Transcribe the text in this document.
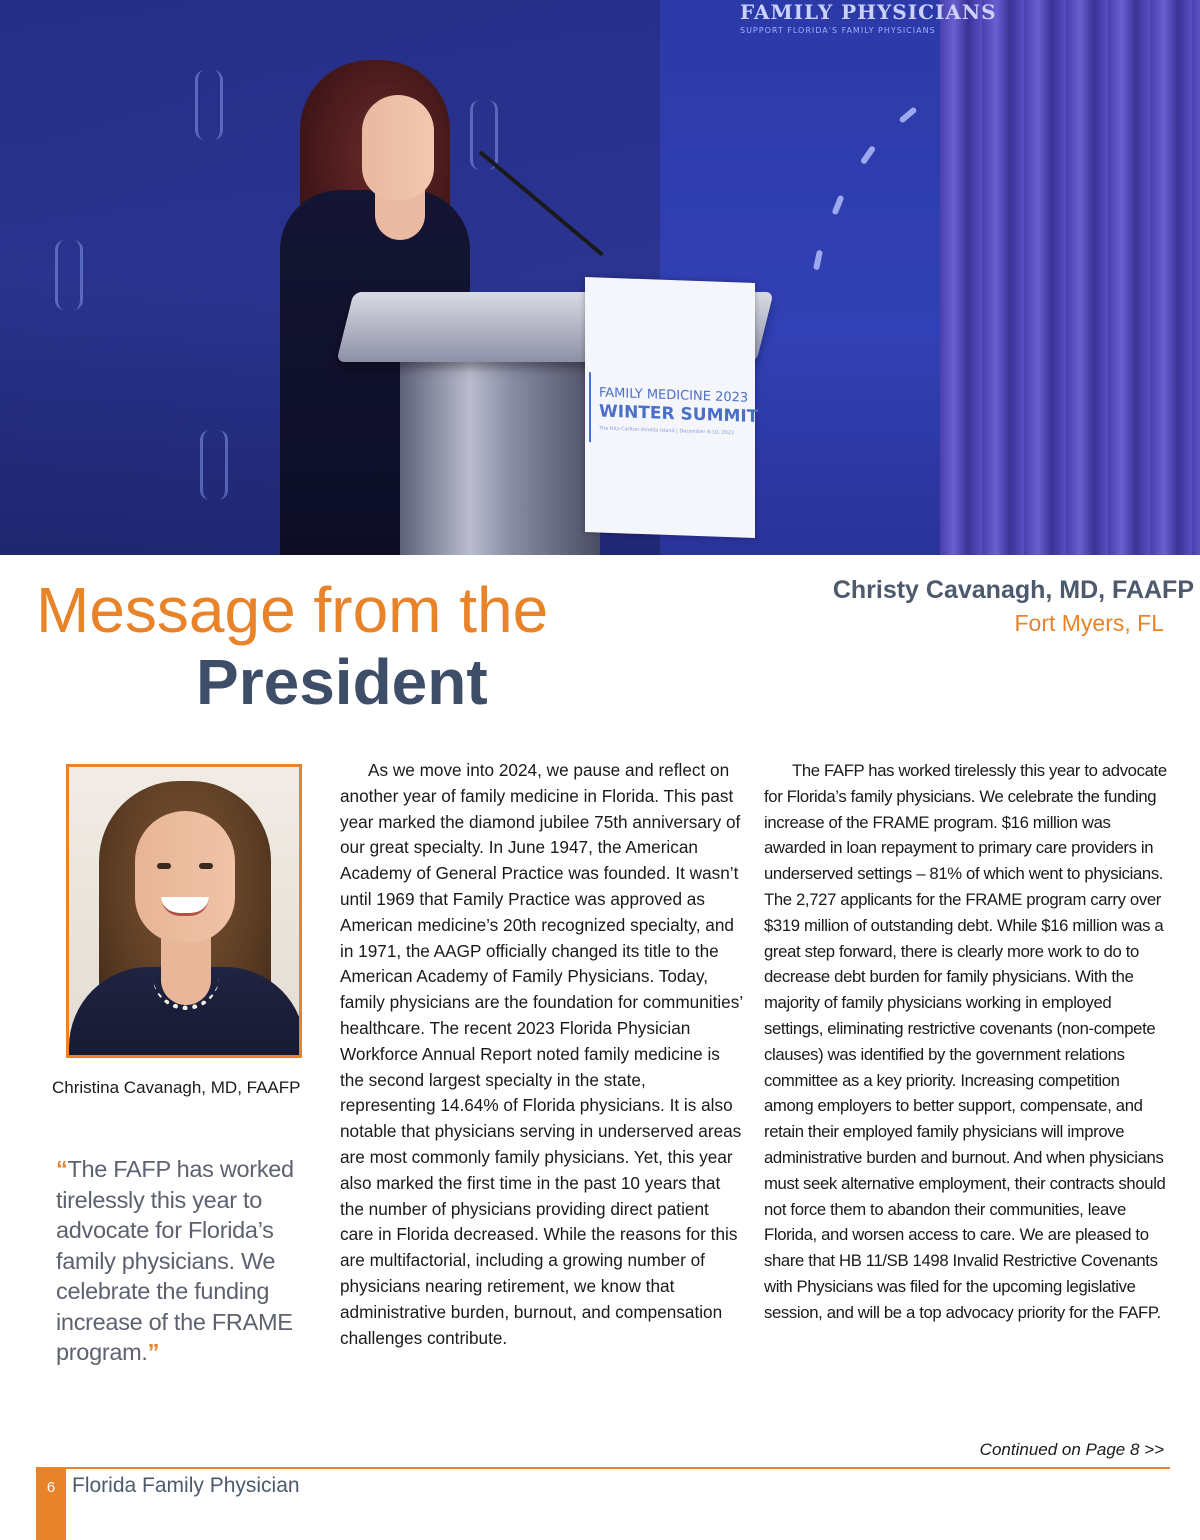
FAMILY PHYSICIANS
SUPPORT FLORIDA'S FAMILY PHYSICIANS
FAMILY MEDICINE 2023
WINTER SUMMIT
The Ritz-Carlton Amelia Island | December 8-10, 2023
Message from the
President
Christy Cavanagh, MD, FAAFP
Fort Myers, FL
Christina Cavanagh, MD, FAAFP
“The FAFP has worked tirelessly this year to advocate for Florida’s family physicians. We celebrate the funding increase of the FRAME program.”

As we move into 2024, we pause and reflect on another year of family medicine in Florida. This past year marked the diamond jubilee 75th anniversary of our great specialty. In June 1947, the American Academy of General Practice was founded. It wasn’t until 1969 that Family Practice was approved as American medicine’s 20th recognized specialty, and in 1971, the AAGP officially changed its title to the American Academy of Family Physicians. Today, family physicians are the foundation for communities’ healthcare. The recent 2023 Florida Physician Workforce Annual Report noted family medicine is the second largest specialty in the state, representing 14.64% of Florida physicians. It is also notable that physicians serving in underserved areas are most commonly family physicians. Yet, this year also marked the first time in the past 10 years that the number of physicians providing direct patient care in Florida decreased. While the reasons for this are multifactorial, including a growing number of physicians nearing retirement, we know that administrative burden, burnout, and compensation challenges contribute.

The FAFP has worked tirelessly this year to advocate for Florida’s family physicians. We celebrate the funding increase of the FRAME program. $16 million was awarded in loan repayment to primary care providers in underserved settings – 81% of which went to physicians. The 2,727 applicants for the FRAME program carry over $319 million of outstanding debt. While $16 million was a great step forward, there is clearly more work to do to decrease debt burden for family physicians. With the majority of family physicians working in employed settings, eliminating restrictive covenants (non-compete clauses) was identified by the government relations committee as a key priority. Increasing competition among employers to better support, compensate, and retain their employed family physicians will improve administrative burden and burnout. And when physicians must seek alternative employment, their contracts should not force them to abandon their communities, leave Florida, and worsen access to care. We are pleased to share that HB 11/SB 1498 Invalid Restrictive Covenants with Physicians was filed for the upcoming legislative session, and will be a top advocacy priority for the FAFP.

Continued on Page 8 >>
6 Florida Family Physician
